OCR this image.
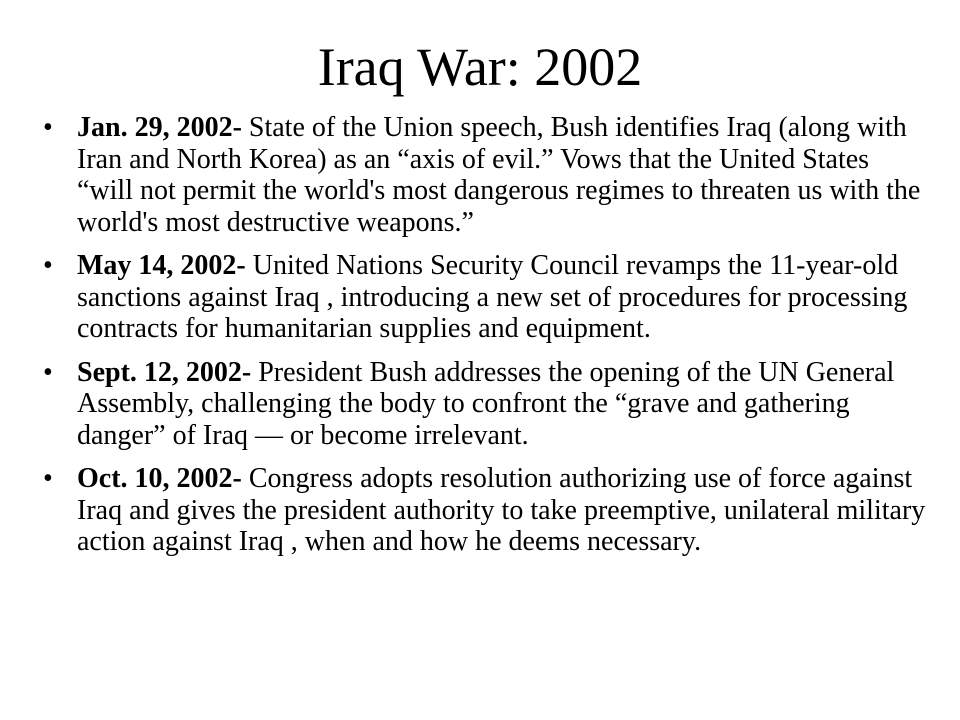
Iraq War: 2002
• Jan. 29, 2002- State of the Union speech, Bush identifies Iraq (along with Iran and North Korea) as an “axis of evil.” Vows that the United States “will not permit the world's most dangerous regimes to threaten us with the world's most destructive weapons.”
• May 14, 2002- United Nations Security Council revamps the 11-year-old sanctions against Iraq , introducing a new set of procedures for processing contracts for humanitarian supplies and equipment.
• Sept. 12, 2002- President Bush addresses the opening of the UN General Assembly, challenging the body to confront the “grave and gathering danger” of Iraq — or become irrelevant.
• Oct. 10, 2002- Congress adopts resolution authorizing use of force against Iraq and gives the president authority to take preemptive, unilateral military action against Iraq , when and how he deems necessary.
